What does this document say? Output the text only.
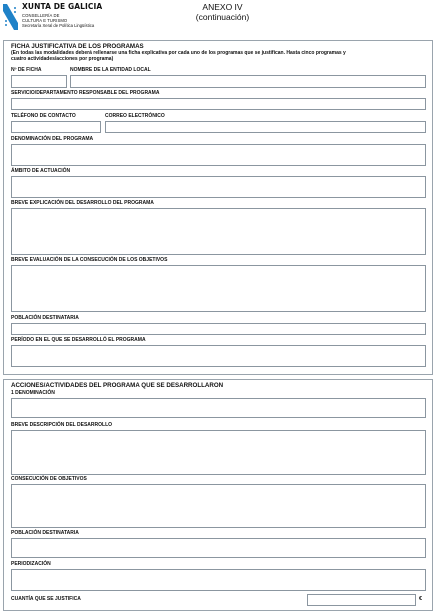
XUNTA DE GALICIA
CONSELLERÍA DE
CULTURA E TURISMO
Secretaría Xeral de Política Lingüística
ANEXO IV
(continuación)
FICHA JUSTIFICATIVA DE LOS PROGRAMAS
(En todas las modalidades deberá rellenarse una ficha explicativa por cada uno de los programas que se justifican. Hasta cinco programas y
cuatro actividades/acciones por programa)
Nº DE FICHA	NOMBRE DE LA ENTIDAD LOCAL
SERVICIO/DEPARTAMENTO RESPONSABLE DEL PROGRAMA
TELÉFONO DE CONTACTO	CORREO ELECTRÓNICO
DENOMINACIÓN DEL PROGRAMA
ÁMBITO DE ACTUACIÓN
BREVE EXPLICACIÓN DEL DESARROLLO DEL PROGRAMA
BREVE EVALUACIÓN DE LA CONSECUCIÓN DE LOS OBJETIVOS
POBLACIÓN DESTINATARIA
PERÍODO EN EL QUE SE DESARROLLÓ EL PROGRAMA
ACCIONES/ACTIVIDADES DEL PROGRAMA QUE SE DESARROLLARON
1 DENOMINACIÓN
BREVE DESCRIPCIÓN DEL DESARROLLO
CONSECUCIÓN DE OBJETIVOS
POBLACIÓN DESTINATARIA
PERIODIZACIÓN
CUANTÍA QUE SE JUSTIFICA	€
